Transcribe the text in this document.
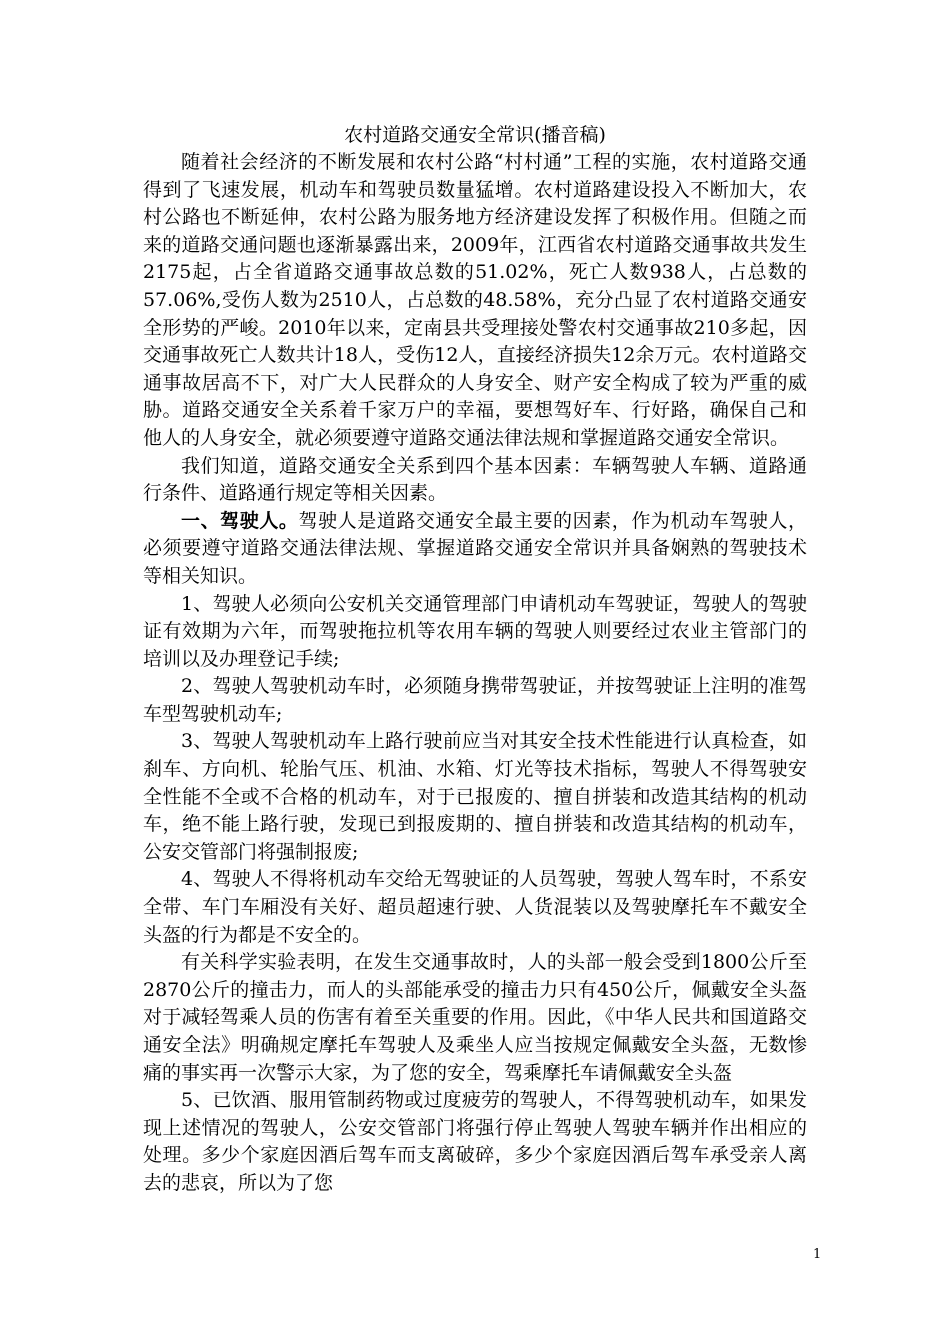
农村道路交通安全常识(播音稿)

随着社会经济的不断发展和农村公路“村村通”工程的实施，农村道路交通得到了飞速发展，机动车和驾驶员数量猛增。农村道路建设投入不断加大，农村公路也不断延伸，农村公路为服务地方经济建设发挥了积极作用。但随之而来的道路交通问题也逐渐暴露出来，2009年，江西省农村道路交通事故共发生2175起，占全省道路交通事故总数的51.02%，死亡人数938人，占总数的57.06%,受伤人数为2510人，占总数的48.58%，充分凸显了农村道路交通安全形势的严峻。2010年以来，定南县共受理接处警农村交通事故210多起，因交通事故死亡人数共计18人，受伤12人，直接经济损失12余万元。农村道路交通事故居高不下，对广大人民群众的人身安全、财产安全构成了较为严重的威胁。道路交通安全关系着千家万户的幸福，要想驾好车、行好路，确保自己和他人的人身安全，就必须要遵守道路交通法律法规和掌握道路交通安全常识。

我们知道，道路交通安全关系到四个基本因素：车辆驾驶人车辆、道路通行条件、道路通行规定等相关因素。

一、驾驶人。驾驶人是道路交通安全最主要的因素，作为机动车驾驶人，必须要遵守道路交通法律法规、掌握道路交通安全常识并具备娴熟的驾驶技术等相关知识。

1、驾驶人必须向公安机关交通管理部门申请机动车驾驶证，驾驶人的驾驶证有效期为六年，而驾驶拖拉机等农用车辆的驾驶人则要经过农业主管部门的培训以及办理登记手续;

2、驾驶人驾驶机动车时，必须随身携带驾驶证，并按驾驶证上注明的准驾车型驾驶机动车;

3、驾驶人驾驶机动车上路行驶前应当对其安全技术性能进行认真检查，如刹车、方向机、轮胎气压、机油、水箱、灯光等技术指标，驾驶人不得驾驶安全性能不全或不合格的机动车，对于已报废的、擅自拼装和改造其结构的机动车，绝不能上路行驶，发现已到报废期的、擅自拼装和改造其结构的机动车，公安交管部门将强制报废;

4、驾驶人不得将机动车交给无驾驶证的人员驾驶，驾驶人驾车时，不系安全带、车门车厢没有关好、超员超速行驶、人货混装以及驾驶摩托车不戴安全头盔的行为都是不安全的。

有关科学实验表明，在发生交通事故时，人的头部一般会受到1800公斤至2870公斤的撞击力，而人的头部能承受的撞击力只有450公斤，佩戴安全头盔对于减轻驾乘人员的伤害有着至关重要的作用。因此，《中华人民共和国道路交通安全法》明确规定摩托车驾驶人及乘坐人应当按规定佩戴安全头盔，无数惨痛的事实再一次警示大家，为了您的安全，驾乘摩托车请佩戴安全头盔

5、已饮酒、服用管制药物或过度疲劳的驾驶人，不得驾驶机动车，如果发现上述情况的驾驶人，公安交管部门将强行停止驾驶人驾驶车辆并作出相应的处理。多少个家庭因酒后驾车而支离破碎，多少个家庭因酒后驾车承受亲人离去的悲哀，所以为了您

1
